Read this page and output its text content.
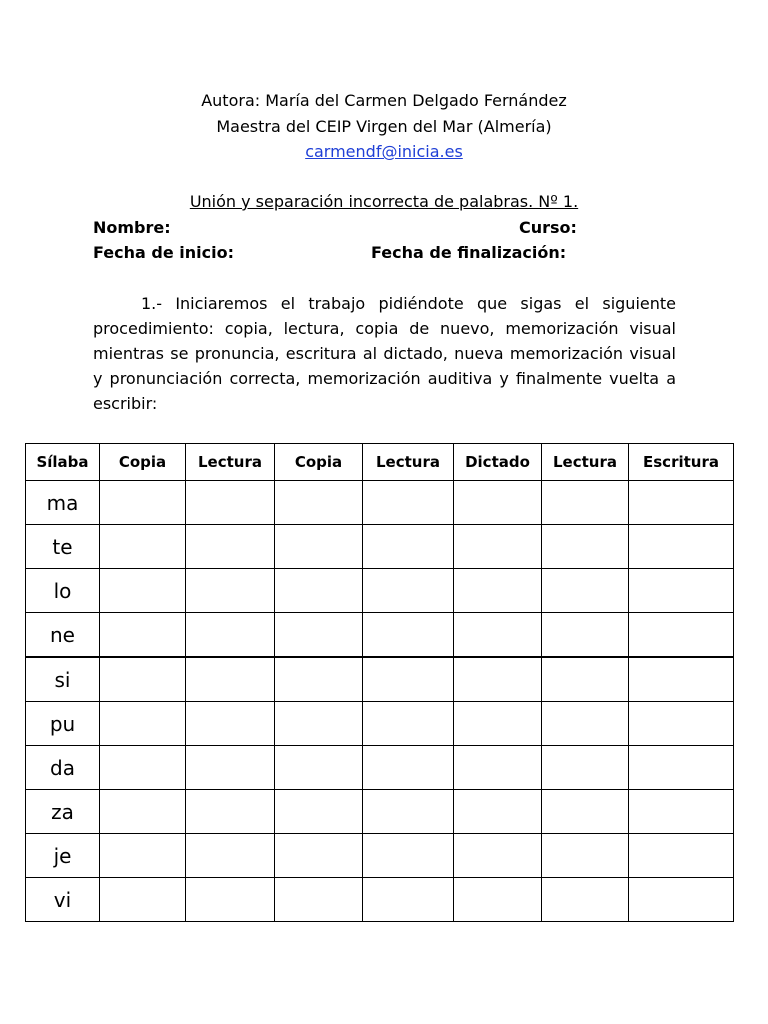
Autora: María del Carmen Delgado Fernández
Maestra del CEIP Virgen del Mar (Almería)
carmendf@inicia.es
Unión y separación incorrecta de palabras. Nº 1.
Nombre:	Curso:
Fecha de inicio:	Fecha de finalización:
1.- Iniciaremos el trabajo pidiéndote que sigas el siguiente procedimiento: copia, lectura, copia de nuevo, memorización visual mientras se pronuncia, escritura al dictado, nueva memorización visual y pronunciación correcta, memorización auditiva y finalmente vuelta a escribir:
Sílaba	Copia	Lectura	Copia	Lectura	Dictado	Lectura	Escritura
ma							
te							
lo							
ne							
si							
pu							
da							
za							
je							
vi							
